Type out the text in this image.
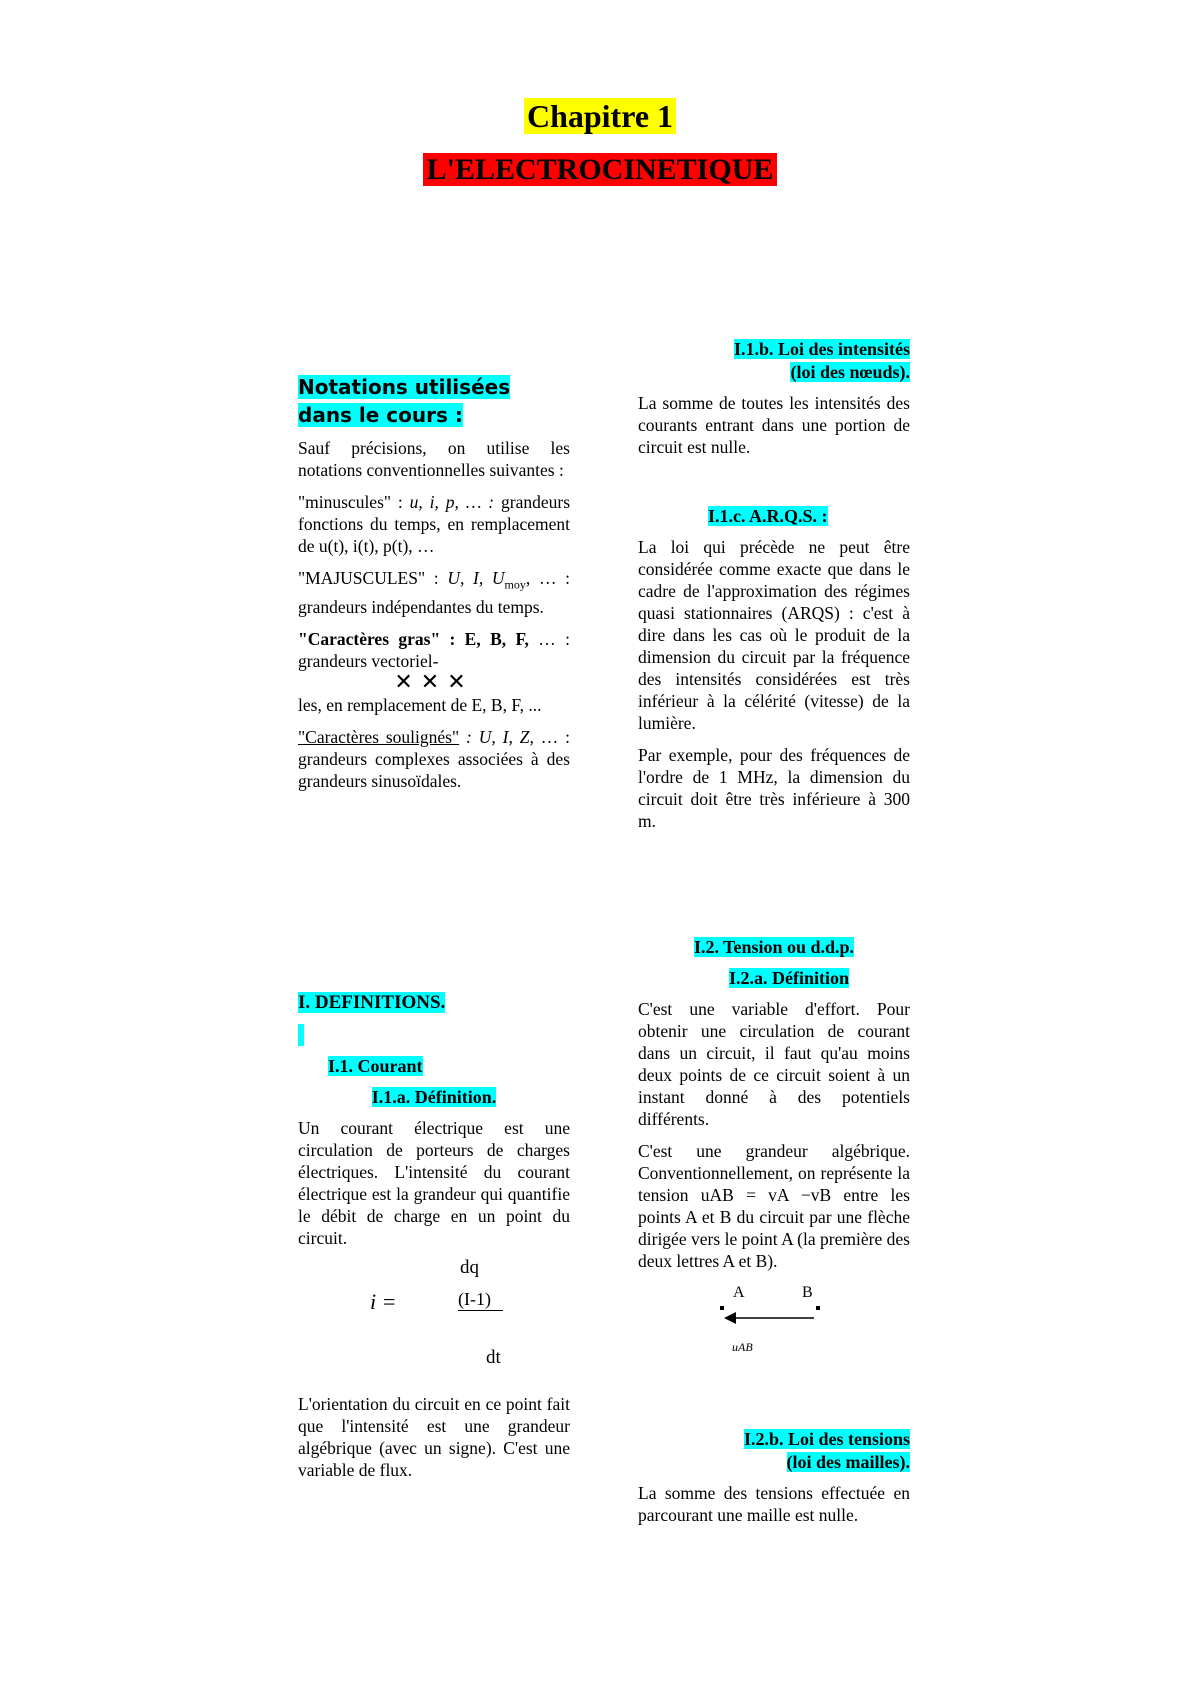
Chapitre 1
L'ELECTROCINETIQUE
Notations utilisées dans le cours :
Sauf précisions, on utilise les notations conventionnelles suivantes :
"minuscules" : u, i, p, … : grandeurs fonctions du temps, en remplacement de u(t), i(t), p(t), …
"MAJUSCULES" : U, I, $U_{moy}$, … : grandeurs indépendantes du temps.
"Caractères gras" : E, B, F, … : grandeurs vectoriel-
✕✕✕
les, en remplacement de E, B, F, ...
"Caractères soulignés" : U, I, Z, … : grandeurs complexes associées à des grandeurs sinusoïdales.
I. DEFINITIONS.
I.1. Courant
I.1.a. Définition.
Un courant électrique est une circulation de porteurs de charges électriques. L'intensité du courant électrique est la grandeur qui quantifie le débit de charge en un point du circuit.
dq
i =	(I-1)
dt
L'orientation du circuit en ce point fait que l'intensité est une grandeur algébrique (avec un signe). C'est une variable de flux.
I.1.b. Loi des intensités
(loi des nœuds).
La somme de toutes les intensités des courants entrant dans une portion de circuit est nulle.
I.1.c. A.R.Q.S. :
La loi qui précède ne peut être considérée comme exacte que dans le cadre de l'approximation des régimes quasi stationnaires (ARQS) : c'est à dire dans les cas où le produit de la dimension du circuit par la fréquence des intensités considérées est très inférieur à la célérité (vitesse) de la lumière.
Par exemple, pour des fréquences de l'ordre de 1 MHz, la dimension du circuit doit être très inférieure à 300 m.
I.2. Tension ou d.d.p.
I.2.a. Définition
C'est une variable d'effort. Pour obtenir une circulation de courant dans un circuit, il faut qu'au moins deux points de ce circuit soient à un instant donné à des potentiels différents.
C'est une grandeur algébrique. Conventionnellement, on représente la tension uAB = vA −vB entre les points A et B du circuit par une flèche dirigée vers le point A (la première des deux lettres A et B).
A	B
uAB
I.2.b. Loi des tensions
(loi des mailles).
La somme des tensions effectuée en parcourant une maille est nulle.
